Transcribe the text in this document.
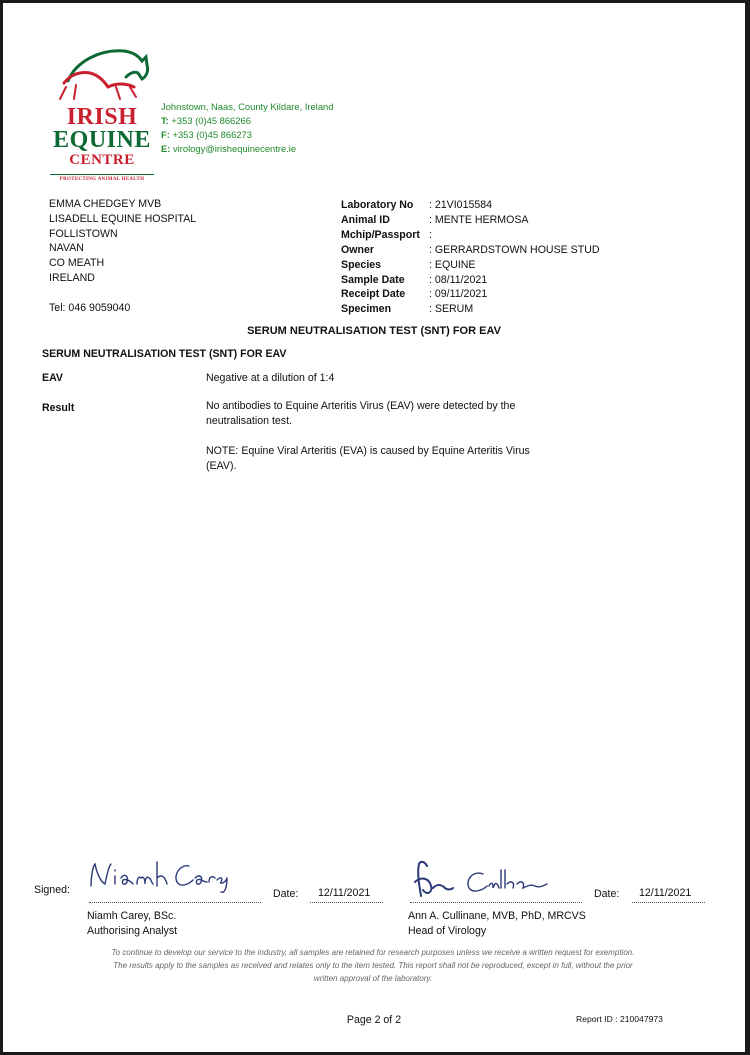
IRISH
EQUINE
CENTRE
PROTECTING ANIMAL HEALTH
Johnstown, Naas, County Kildare, Ireland
T: +353 (0)45 866266
F: +353 (0)45 866273
E: virology@irishequinecentre.ie
EMMA CHEDGEY MVB
LISADELL EQUINE HOSPITAL
FOLLISTOWN
NAVAN
CO MEATH
IRELAND
Tel: 046 9059040
Laboratory No	: 21VI015584
Animal ID	: MENTE HERMOSA
Mchip/Passport :
Owner	: GERRARDSTOWN HOUSE STUD
Species	: EQUINE
Sample Date	: 08/11/2021
Receipt Date	: 09/11/2021
Specimen	: SERUM
SERUM NEUTRALISATION TEST (SNT) FOR EAV
SERUM NEUTRALISATION TEST (SNT) FOR EAV
EAV	Negative at a dilution of 1:4
Result	No antibodies to Equine Arteritis Virus (EAV) were detected by the
neutralisation test.
NOTE: Equine Viral Arteritis (EVA) is caused by Equine Arteritis Virus
(EAV).
Signed:	Date: 12/11/2021	Date: 12/11/2021
Niamh Carey, BSc.
Authorising Analyst
Ann A. Cullinane, MVB, PhD, MRCVS
Head of Virology
To continue to develop our service to the industry, all samples are retained for research purposes unless we receive a written request for exemption.
The results apply to the samples as received and relates only to the item tested. This report shall not be reproduced, except in full, without the prior
written approval of the laboratory.
Page 2 of 2	Report ID : 210047973
